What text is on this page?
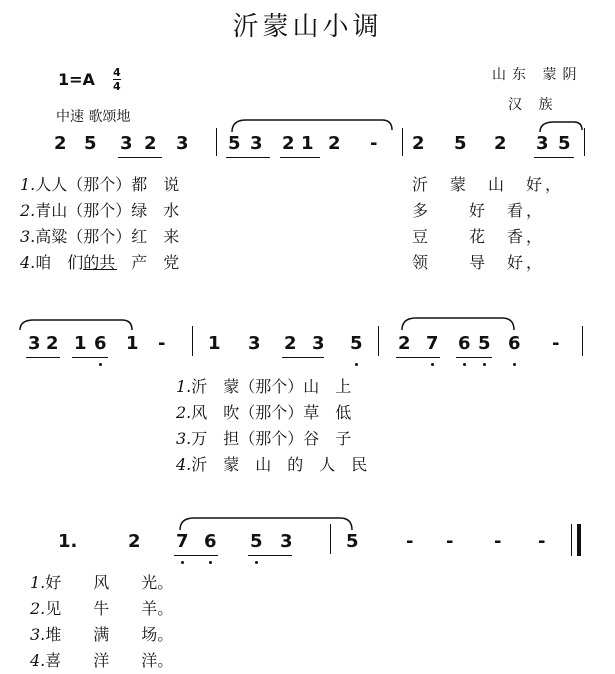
沂蒙山小调
1=A 4
4
中速 歌颂地
山东 蒙阴
汉 族
2 5 3 2 3 5 3 2 1 2 - 2 5 2 3 5
1.人人（那个）都　说	沂　蒙　山　好，
2.青山（那个）绿　水	多　　好　看，
3.高粱（那个）红　来	豆　　花　香，
4.咱　们的共　产　党	领　　导　好，
3 2 1 6 1 - 1 3 2 3 5 2 7 6 5 6 -
1.沂　蒙（那个）山　上
2.风　吹（那个）草　低
3.万　担（那个）谷　子
4.沂　蒙　山　的　人　民
1.	2 7 6 5 3	5	- - - -
1.好　　风　　光。
2.见　　牛　　羊。
3.堆　　满　　场。
4.喜　　洋　　洋。
